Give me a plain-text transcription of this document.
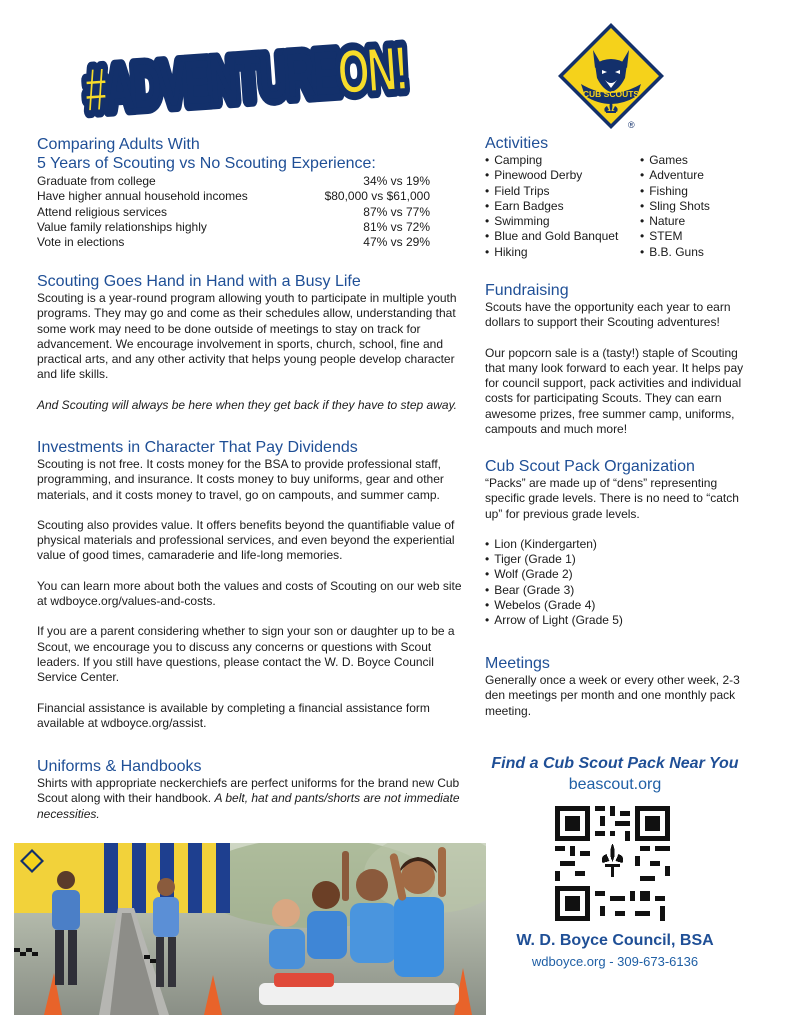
#ADVENTUREON!
#ADVENTUREON!	CUB SCOUTS
®
Comparing Adults With
5 Years of Scouting vs No Scouting Experience:
Graduate from college	34% vs 19%
Have higher annual household incomes	$80,000 vs $61,000
Attend religious services	87% vs 77%
Value family relationships highly	81% vs 72%
Vote in elections	47% vs 29%
Scouting Goes Hand in Hand with a Busy Life

Scouting is a year-round program allowing youth to participate in multiple youth programs. They may go and come as their schedules allow, understanding that some work may need to be done outside of meetings to stay on track for advancement. We encourage involvement in sports, church, school, fine and practical arts, and any other activity that helps young people develop character and life skills.

And Scouting will always be here when they get back if they have to step away.

Investments in Character That Pay Dividends

Scouting is not free. It costs money for the BSA to provide professional staff, programming, and insurance. It costs money to buy uniforms, gear and other materials, and it costs money to travel, go on campouts, and summer camp.

Scouting also provides value. It offers benefits beyond the quantifiable value of physical materials and professional services, and even beyond the experiential value of good times, camaraderie and life-long memories.

You can learn more about both the values and costs of Scouting on our web site at wdboyce.org/values-and-costs.

If you are a parent considering whether to sign your son or daughter up to be a Scout, we encourage you to discuss any concerns or questions with Scout leaders. If you still have questions, please contact the W. D. Boyce Council Service Center.

Financial assistance is available by completing a financial assistance form available at wdboyce.org/assist.

Uniforms & Handbooks

Shirts with appropriate neckerchiefs are perfect uniforms for the brand new Cub Scout along with their handbook. A belt, hat and pants/shorts are not immediate necessities.

Activities
• Camping
• Pinewood Derby
• Field Trips
• Earn Badges
• Swimming
• Blue and Gold Banquet
• Hiking
• Games
• Adventure
• Fishing
• Sling Shots
• Nature
• STEM
• B.B. Guns
Fundraising

Scouts have the opportunity each year to earn dollars to support their Scouting adventures!

Our popcorn sale is a (tasty!) staple of Scouting that many look forward to each year. It helps pay for council support, pack activities and individual costs for participating Scouts. They can earn awesome prizes, free summer camp, uniforms, campouts and much more!

Cub Scout Pack Organization

“Packs” are made up of “dens” representing specific grade levels. There is no need to “catch up” for previous grade levels.

• Lion (Kindergarten)
• Tiger (Grade 1)
• Wolf (Grade 2)
• Bear (Grade 3)
• Webelos (Grade 4)
• Arrow of Light (Grade 5)
Meetings

Generally once a week or every other week, 2-3 den meetings per month and one monthly pack meeting.

Find a Cub Scout Pack Near You
beascout.org
W. D. Boyce Council, BSA
wdboyce.org - 309-673-6136
